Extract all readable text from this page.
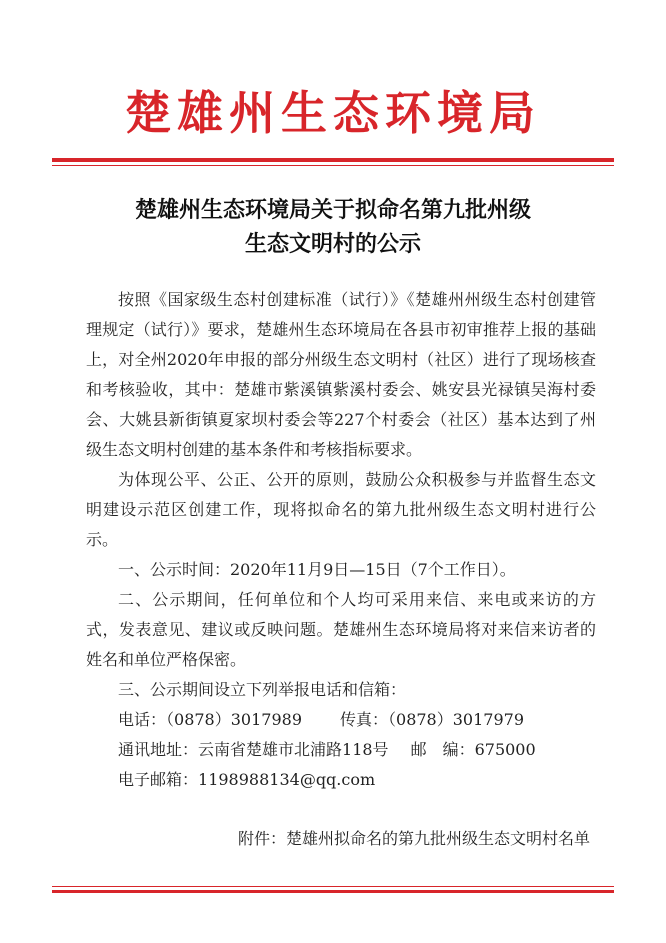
楚雄州生态环境局
楚雄州生态环境局关于拟命名第九批州级
生态文明村的公示

按照《国家级生态村创建标准（试行）》《楚雄州州级生态村创建管理规定（试行）》要求，楚雄州生态环境局在各县市初审推荐上报的基础上，对全州2020年申报的部分州级生态文明村（社区）进行了现场核查和考核验收，其中：楚雄市紫溪镇紫溪村委会、姚安县光禄镇吴海村委会、大姚县新街镇夏家坝村委会等227个村委会（社区）基本达到了州级生态文明村创建的基本条件和考核指标要求。

为体现公平、公正、公开的原则，鼓励公众积极参与并监督生态文明建设示范区创建工作，现将拟命名的第九批州级生态文明村进行公示。

一、公示时间：2020年11月9日—15日（7个工作日）。

二、公示期间，任何单位和个人均可采用来信、来电或来访的方式，发表意见、建议或反映问题。楚雄州生态环境局将对来信来访者的姓名和单位严格保密。

三、公示期间设立下列举报电话和信箱：

电话：（0878）3017989 传真：（0878）3017979

通讯地址：云南省楚雄市北浦路118号 邮　编：675000

电子邮箱：1198988134@qq.com

附件：楚雄州拟命名的第九批州级生态文明村名单
